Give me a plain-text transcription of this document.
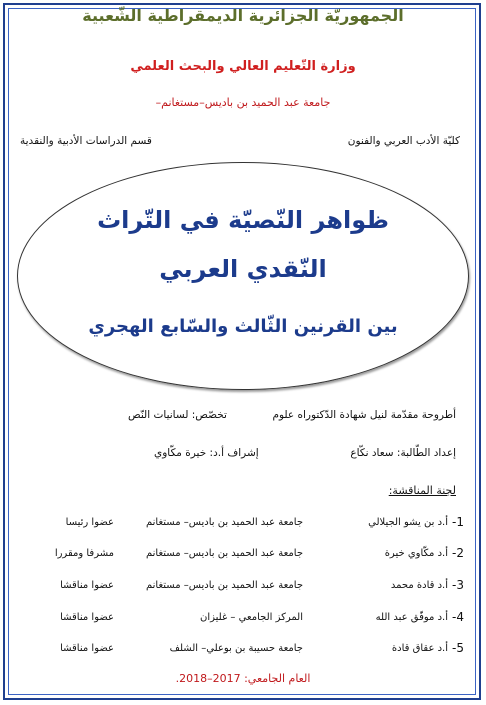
الجمهوريّة الجزائرية الديمقراطية الشّعبية
وزارة التّعليم العالي والبحث العلمي
جامعة عبد الحميد بن باديس–مستغانم–
كليّة الأدب العربي والفنون
قسم الدراسات الأدبية والنقدية
ظواهر النّصيّة في التّراث
النّقدي العربي
بين القرنين الثّالث والسّابع الهجري
أطروحة مقدّمة لنيل شهادة الدّكتوراه علوم
تخصّص: لسانيات النّص
إعداد الطّالبة: سعاد نكّاع
إشراف أ.د: خيرة مكّاوي
لجنة المناقشة:
1-
أ.د بن يشو الجيلالي
جامعة عبد الحميد بن باديس– مستغانم
عضوا رئيسا
2-
أ.د مكّاوي خيرة
جامعة عبد الحميد بن باديس– مستغانم
مشرفا ومقررا
3-
أ.د قادة محمد
جامعة عبد الحميد بن باديس– مستغانم
عضوا مناقشا
4-
أ.د موفّق عبد الله
المركز الجامعي – غليزان
عضوا مناقشا
5-
أ.د عقاق قادة
جامعة حسيبة بن بوعلي– الشلف
عضوا مناقشا
العام الجامعي: 2017–2018.
